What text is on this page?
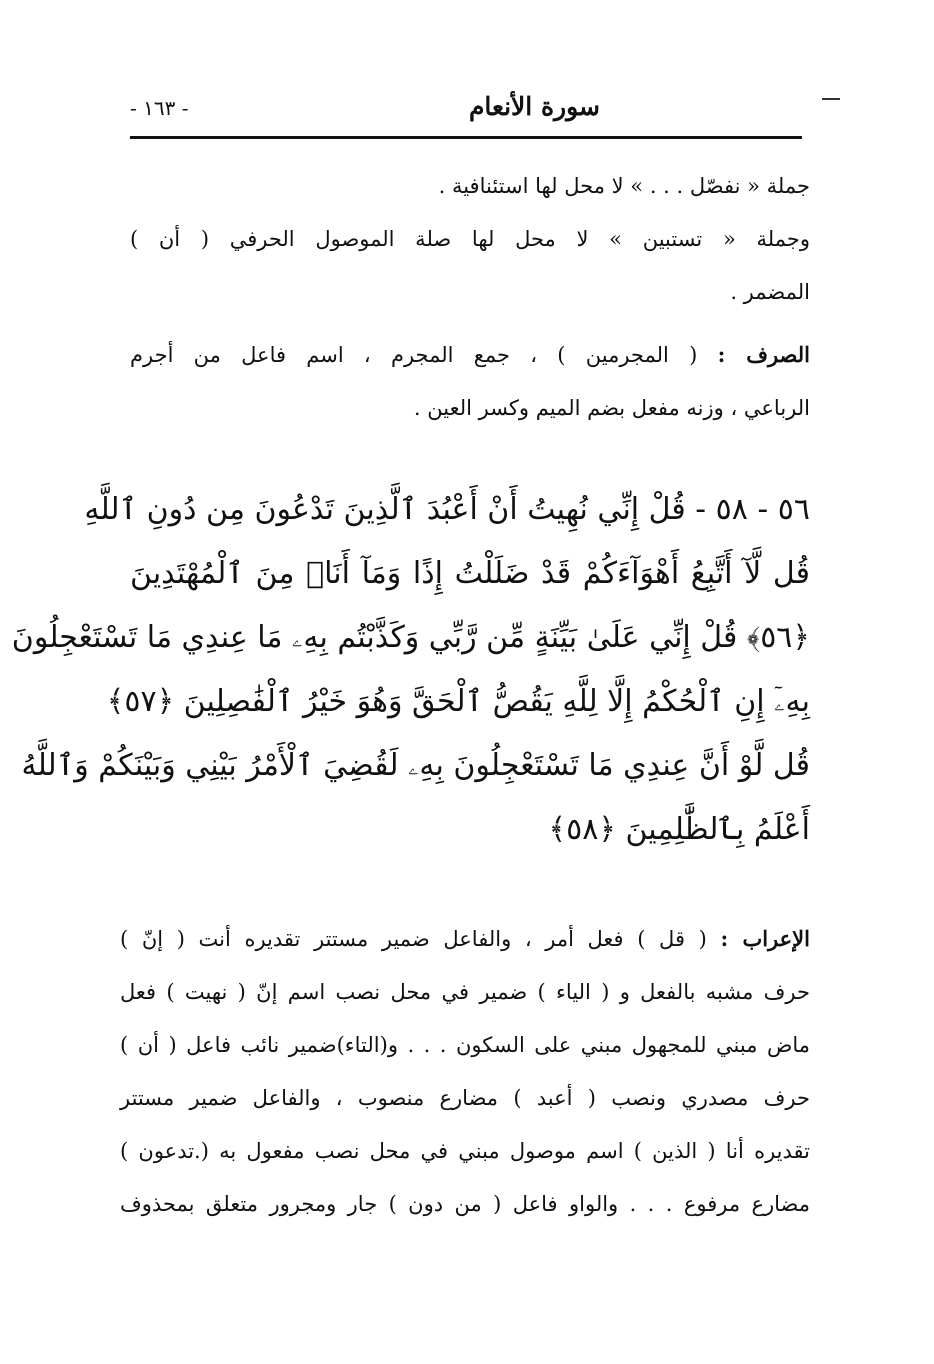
سورة الأنعام
- ١٦٣ -
جملة « نفصّل . . . » لا محل لها استئنافية .
وجملة « تستبين » لا محل لها صلة الموصول الحرفي ( أن )
المضمر .
الصرف : ( المجرمين ) ، جمع المجرم ، اسم فاعل من أجرم
الرباعي ، وزنه مفعل بضم الميم وكسر العين .
٥٦ - ٥٨ - قُلْ إِنِّي نُهِيتُ أَنْ أَعْبُدَ ٱلَّذِينَ تَدْعُونَ مِن دُونِ ٱللَّهِ
قُل لَّآ أَتَّبِعُ أَهْوَآءَكُمْ قَدْ ضَلَلْتُ إِذًا وَمَآ أَنَا۠ مِنَ ٱلْمُهْتَدِينَ
﴿٥٦﴾ قُلْ إِنِّي عَلَىٰ بَيِّنَةٍ مِّن رَّبِّي وَكَذَّبْتُم بِهِۦ مَا عِندِي مَا تَسْتَعْجِلُونَ
بِهِۦٓ إِنِ ٱلْحُكْمُ إِلَّا لِلَّهِ يَقُصُّ ٱلْحَقَّ وَهُوَ خَيْرُ ٱلْفَٰصِلِينَ ﴿٥٧﴾
قُل لَّوْ أَنَّ عِندِي مَا تَسْتَعْجِلُونَ بِهِۦ لَقُضِيَ ٱلْأَمْرُ بَيْنِي وَبَيْنَكُمْ وَٱللَّهُ
أَعْلَمُ بِٱلظَّٰلِمِينَ ﴿٥٨﴾
الإعراب : ( قل ) فعل أمر ، والفاعل ضمير مستتر تقديره أنت ( إنّ )
حرف مشبه بالفعل و ( الياء ) ضمير في محل نصب اسم إنّ ( نهيت ) فعل
ماض مبني للمجهول مبني على السكون . . . و(التاء)ضمير نائب فاعل ( أن )
حرف مصدري ونصب ( أعبد ) مضارع منصوب ، والفاعل ضمير مستتر
تقديره أنا ( الذين ) اسم موصول مبني في محل نصب مفعول به (.تدعون )
مضارع مرفوع . . . والواو فاعل ( من دون ) جار ومجرور متعلق بمحذوف
